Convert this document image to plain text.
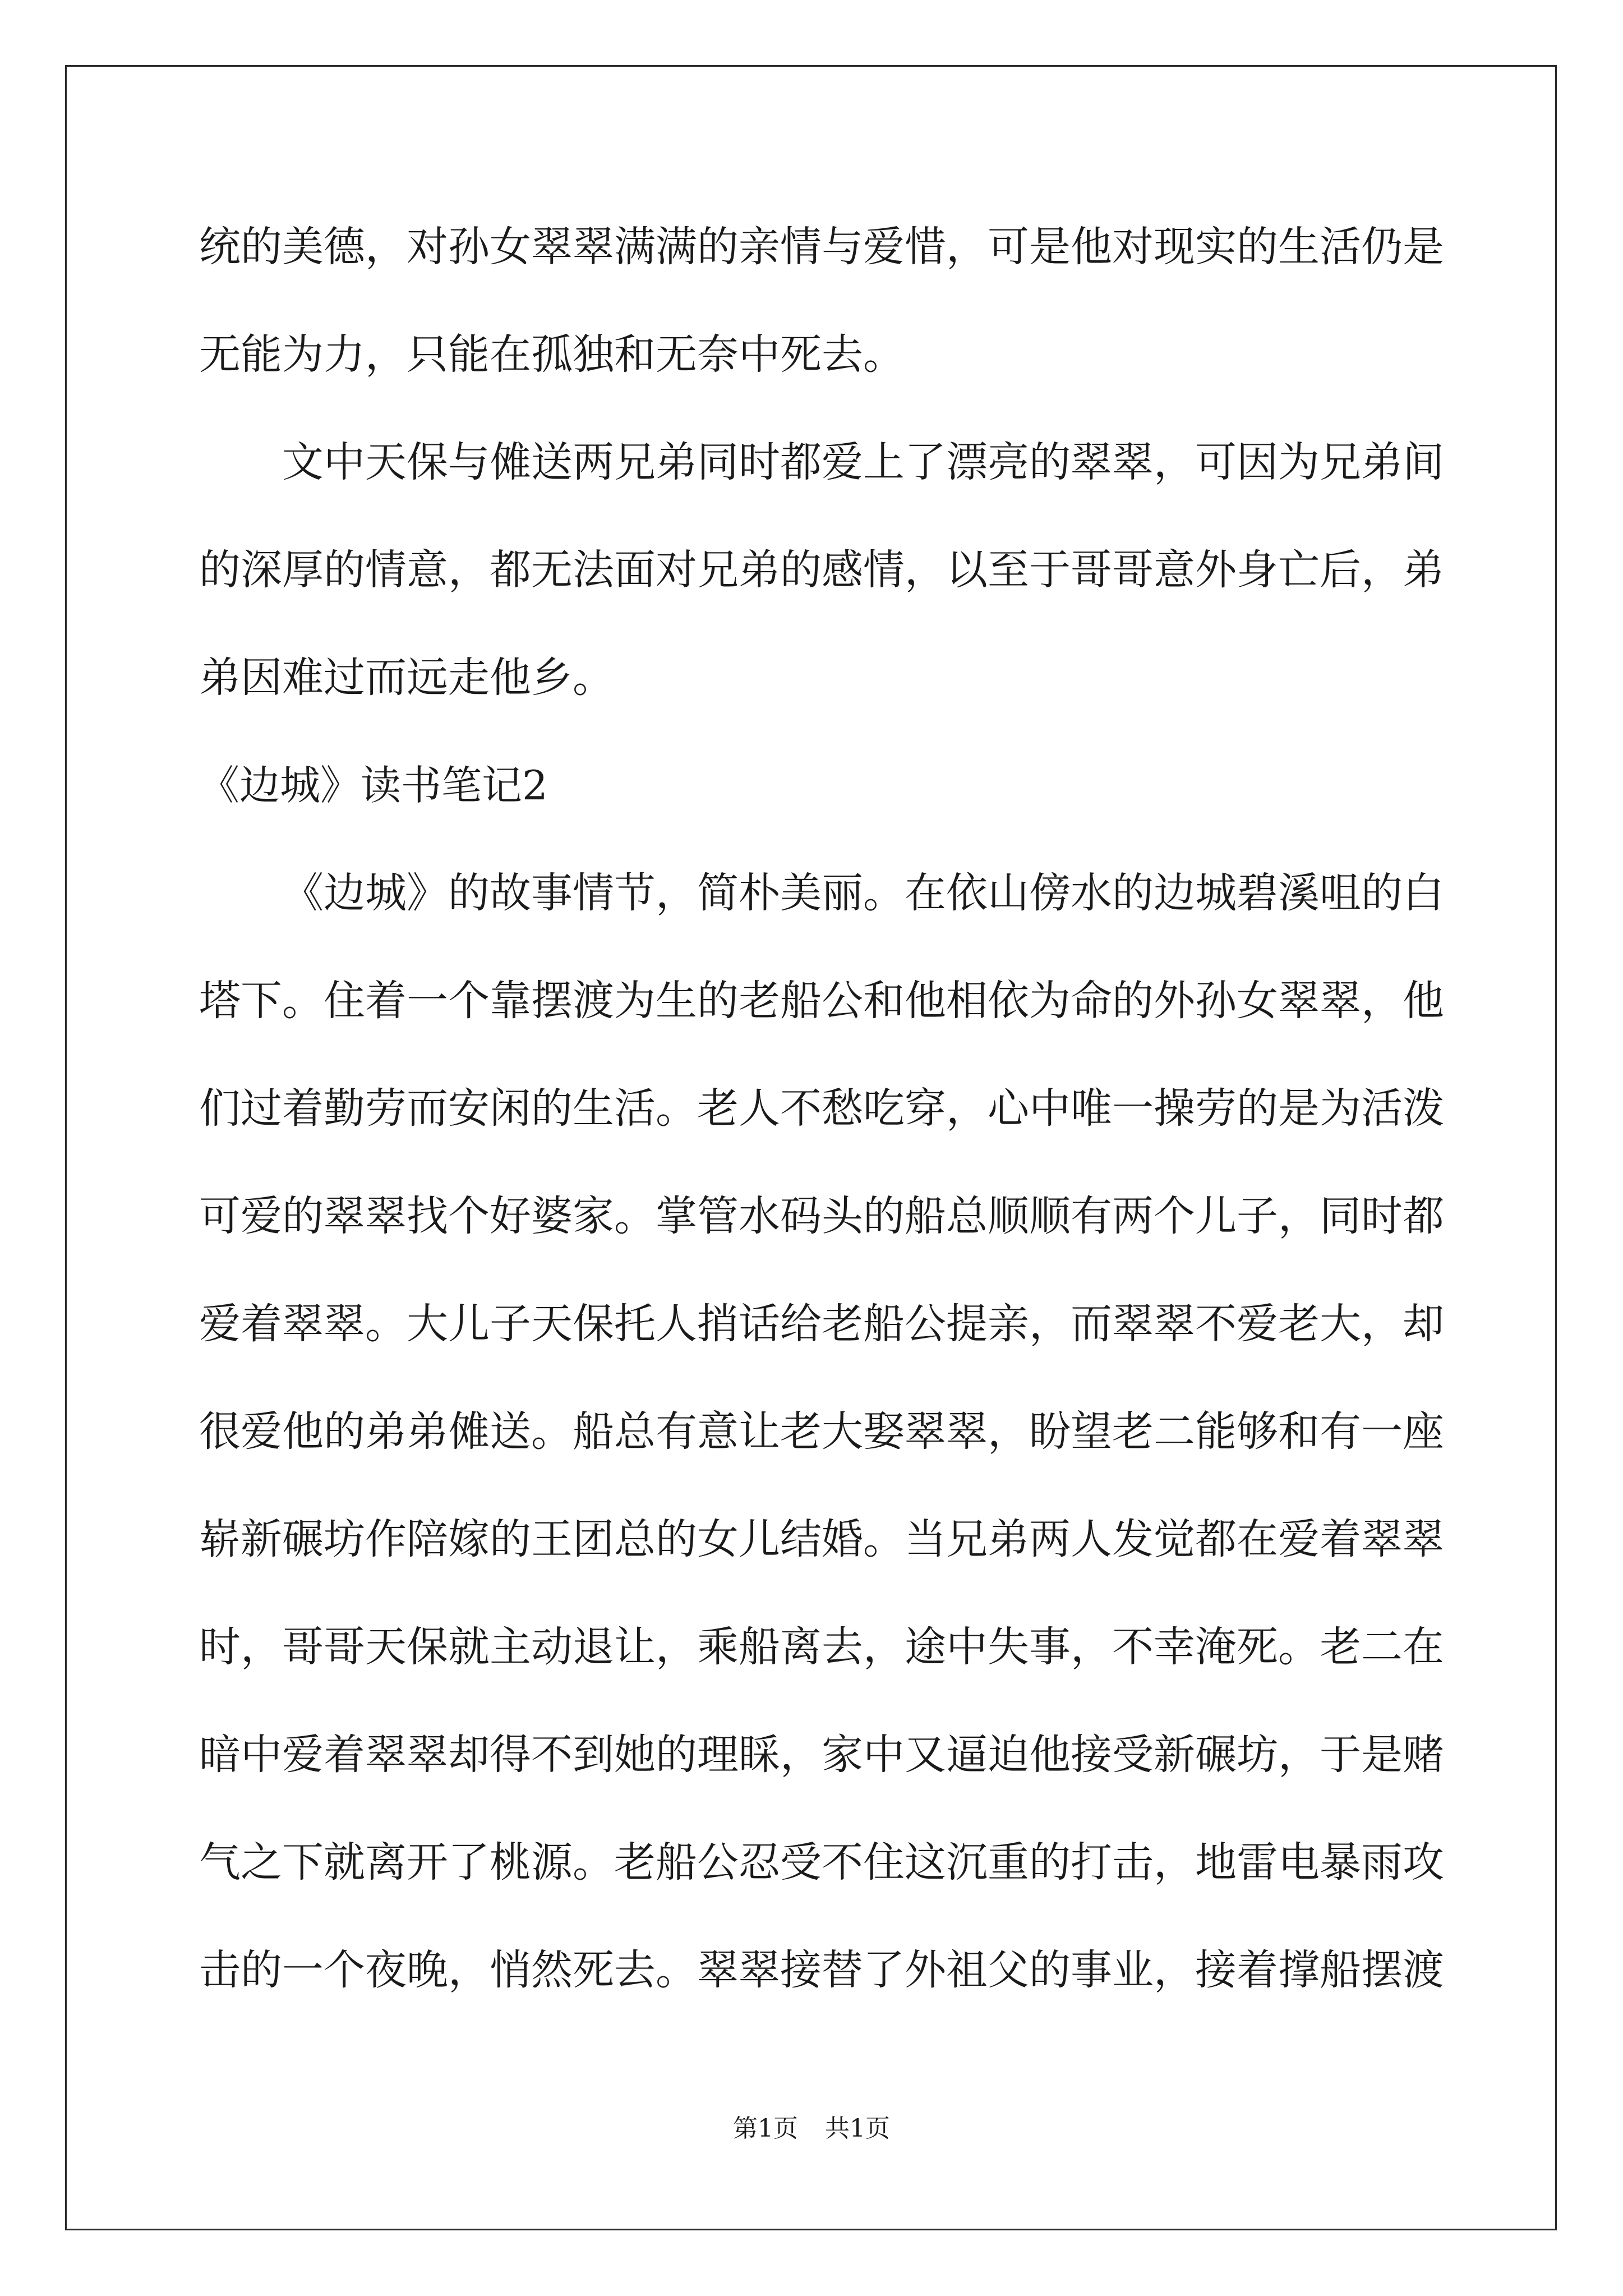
统的美德，对孙女翠翠满满的亲情与爱惜，可是他对现实的生活仍是
无能为力，只能在孤独和无奈中死去。
文中天保与傩送两兄弟同时都爱上了漂亮的翠翠，可因为兄弟间
的深厚的情意，都无法面对兄弟的感情，以至于哥哥意外身亡后，弟
弟因难过而远走他乡。
《边城》读书笔记2
《边城》的故事情节，简朴美丽。在依山傍水的边城碧溪咀的白
塔下。住着一个靠摆渡为生的老船公和他相依为命的外孙女翠翠，他
们过着勤劳而安闲的生活。老人不愁吃穿，心中唯一操劳的是为活泼
可爱的翠翠找个好婆家。掌管水码头的船总顺顺有两个儿子，同时都
爱着翠翠。大儿子天保托人捎话给老船公提亲，而翠翠不爱老大，却
很爱他的弟弟傩送。船总有意让老大娶翠翠，盼望老二能够和有一座
崭新碾坊作陪嫁的王团总的女儿结婚。当兄弟两人发觉都在爱着翠翠
时，哥哥天保就主动退让，乘船离去，途中失事，不幸淹死。老二在
暗中爱着翠翠却得不到她的理睬，家中又逼迫他接受新碾坊，于是赌
气之下就离开了桃源。老船公忍受不住这沉重的打击，地雷电暴雨攻
击的一个夜晚，悄然死去。翠翠接替了外祖父的事业，接着撑船摆渡
第1页 共1页
